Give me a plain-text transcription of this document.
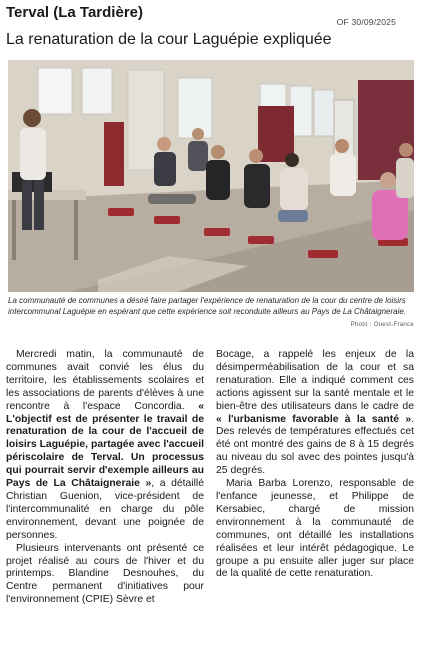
Terval (La Tardière)
OF 30/09/2025
La renaturation de la cour Laguépie expliquée
La communauté de communes a désiré faire partager l'expérience de renaturation de la cour du centre de loisirs intercommunal Laguépie en espérant que cette expérience soit reconduite ailleurs au Pays de La Châtaigneraie.
Photo : Ouest-France

Mercredi matin, la communauté de communes avait convié les élus du territoire, les établissements scolaires et les associations de parents d'élèves à une rencontre à l'espace Concordia. « L'objectif est de présenter le travail de renaturation de la cour de l'accueil de loisirs Laguépie, partagée avec l'accueil périscolaire de Terval. Un processus qui pourrait servir d'exemple ailleurs au Pays de La Châtaigneraie », a détaillé Christian Guenion, vice-président de l'intercommunalité en charge du pôle environnement, devant une poignée de personnes.

Plusieurs intervenants ont présenté ce projet réalisé au cours de l'hiver et du printemps. Blandine Desnouhes, du Centre permanent d'initiatives pour l'environnement (CPIE) Sèvre et

Bocage, a rappelé les enjeux de la désimperméabilisation de la cour et sa renaturation. Elle a indiqué comment ces actions agissent sur la santé mentale et le bien-être des utilisateurs dans le cadre de « l'urbanisme favorable à la santé ». Des relevés de températures effectués cet été ont montré des gains de 8 à 15 degrés au niveau du sol avec des pointes jusqu'à 25 degrés.

Maria Barba Lorenzo, responsable de l'enfance jeunesse, et Philippe de Kersabiec, chargé de mission environnement à la communauté de communes, ont détaillé les installations réalisées et leur intérêt pédagogique. Le groupe a pu ensuite aller juger sur place de la qualité de cette renaturation.
